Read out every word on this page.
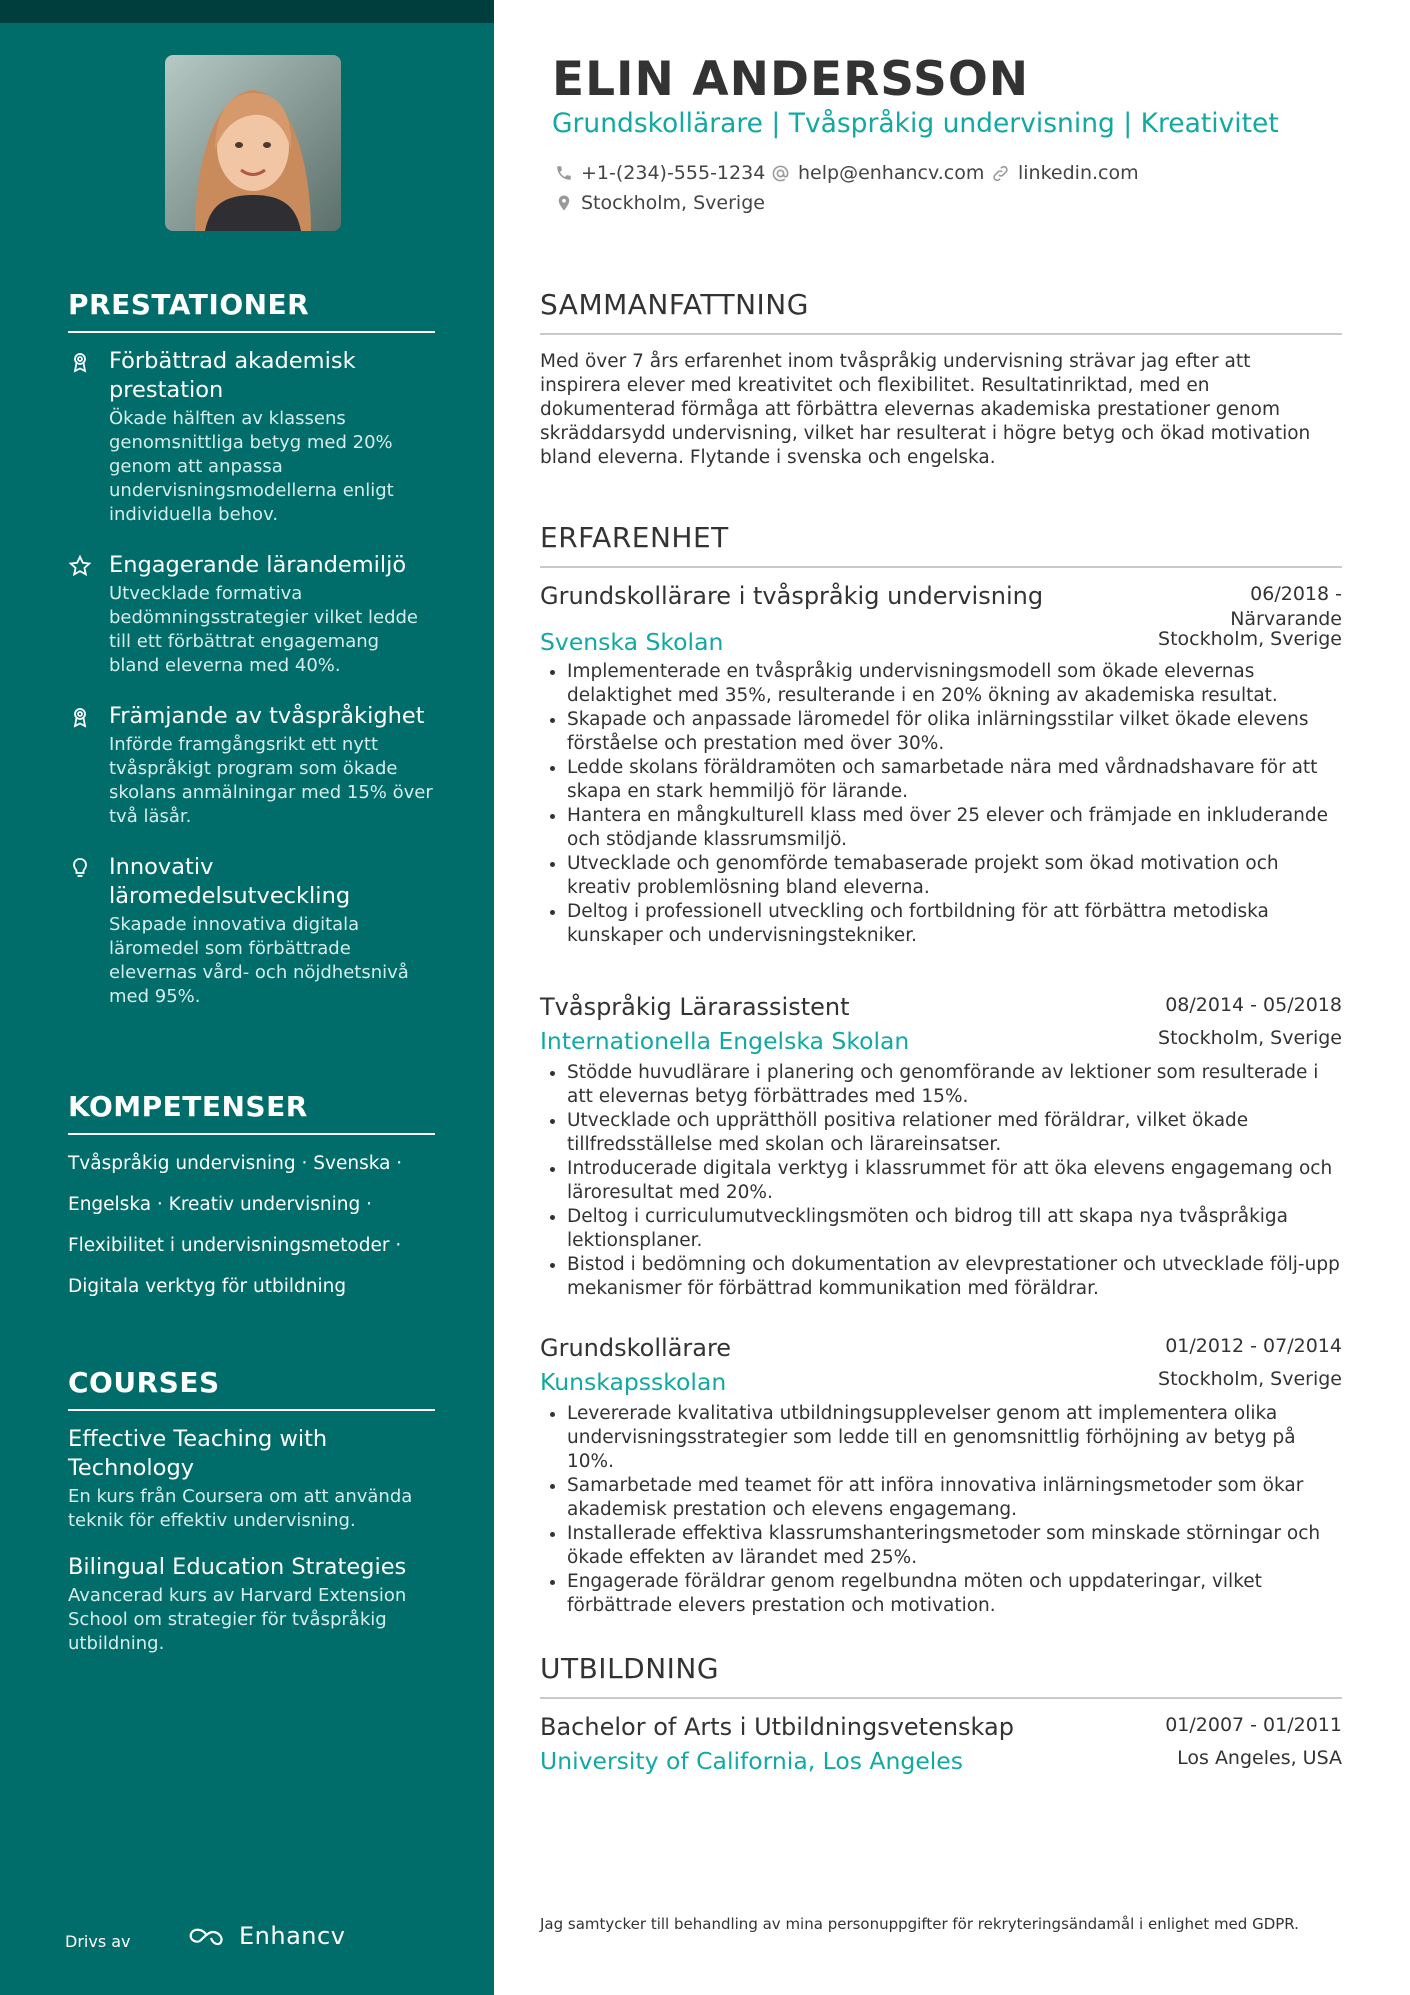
PRESTATIONER
Förbättrad akademisk prestation
Ökade hälften av klassens genomsnittliga betyg med 20% genom att anpassa undervisningsmodellerna enligt individuella behov.
Engagerande lärandemiljö
Utvecklade formativa bedömningsstrategier vilket ledde till ett förbättrat engagemang bland eleverna med 40%.
Främjande av tvåspråkighet
Införde framgångsrikt ett nytt tvåspråkigt program som ökade skolans anmälningar med 15% över två läsår.
Innovativ läromedelsutveckling
Skapade innovativa digitala läromedel som förbättrade elevernas vård- och nöjdhetsnivå med 95%.
KOMPETENSER
Tvåspråkig undervisning · Svenska ·
Engelska · Kreativ undervisning ·
Flexibilitet i undervisningsmetoder ·
Digitala verktyg för utbildning
COURSES
Effective Teaching with Technology
En kurs från Coursera om att använda teknik för effektiv undervisning.
Bilingual Education Strategies
Avancerad kurs av Harvard Extension School om strategier för tvåspråkig utbildning.
Drivs av	Enhancv
ELIN ANDERSSON
Grundskollärare | Tvåspråkig undervisning | Kreativitet
+1-(234)-555-1234 help@enhancv.com linkedin.com
Stockholm, Sverige
SAMMANFATTNING
Med över 7 års erfarenhet inom tvåspråkig undervisning strävar jag efter att inspirera elever med kreativitet och flexibilitet. Resultatinriktad, med en dokumenterad förmåga att förbättra elevernas akademiska prestationer genom skräddarsydd undervisning, vilket har resulterat i högre betyg och ökad motivation bland eleverna. Flytande i svenska och engelska.
ERFARENHET
Grundskollärare i tvåspråkig undervisning	06/2018 - Närvarande
Svenska Skolan	Stockholm, Sverige
• Implementerade en tvåspråkig undervisningsmodell som ökade elevernas delaktighet med 35%, resulterande i en 20% ökning av akademiska resultat.
• Skapade och anpassade läromedel för olika inlärningsstilar vilket ökade elevens förståelse och prestation med över 30%.
• Ledde skolans föräldramöten och samarbetade nära med vårdnadshavare för att skapa en stark hemmiljö för lärande.
• Hantera en mångkulturell klass med över 25 elever och främjade en inkluderande och stödjande klassrumsmiljö.
• Utvecklade och genomförde temabaserade projekt som ökad motivation och kreativ problemlösning bland eleverna.
• Deltog i professionell utveckling och fortbildning för att förbättra metodiska kunskaper och undervisningstekniker.
Tvåspråkig Lärarassistent	08/2014 - 05/2018
Internationella Engelska Skolan	Stockholm, Sverige
• Stödde huvudlärare i planering och genomförande av lektioner som resulterade i att elevernas betyg förbättrades med 15%.
• Utvecklade och upprätthöll positiva relationer med föräldrar, vilket ökade tillfredsställelse med skolan och lärareinsatser.
• Introducerade digitala verktyg i klassrummet för att öka elevens engagemang och läroresultat med 20%.
• Deltog i curriculumutvecklingsmöten och bidrog till att skapa nya tvåspråkiga lektionsplaner.
• Bistod i bedömning och dokumentation av elevprestationer och utvecklade följ-upp mekanismer för förbättrad kommunikation med föräldrar.
Grundskollärare	01/2012 - 07/2014
Kunskapsskolan	Stockholm, Sverige
• Levererade kvalitativa utbildningsupplevelser genom att implementera olika undervisningsstrategier som ledde till en genomsnittlig förhöjning av betyg på 10%.
• Samarbetade med teamet för att införa innovativa inlärningsmetoder som ökar akademisk prestation och elevens engagemang.
• Installerade effektiva klassrumshanteringsmetoder som minskade störningar och ökade effekten av lärandet med 25%.
• Engagerade föräldrar genom regelbundna möten och uppdateringar, vilket förbättrade elevers prestation och motivation.
UTBILDNING
Bachelor of Arts i Utbildningsvetenskap	01/2007 - 01/2011
University of California, Los Angeles	Los Angeles, USA
Jag samtycker till behandling av mina personuppgifter för rekryteringsändamål i enlighet med GDPR.
